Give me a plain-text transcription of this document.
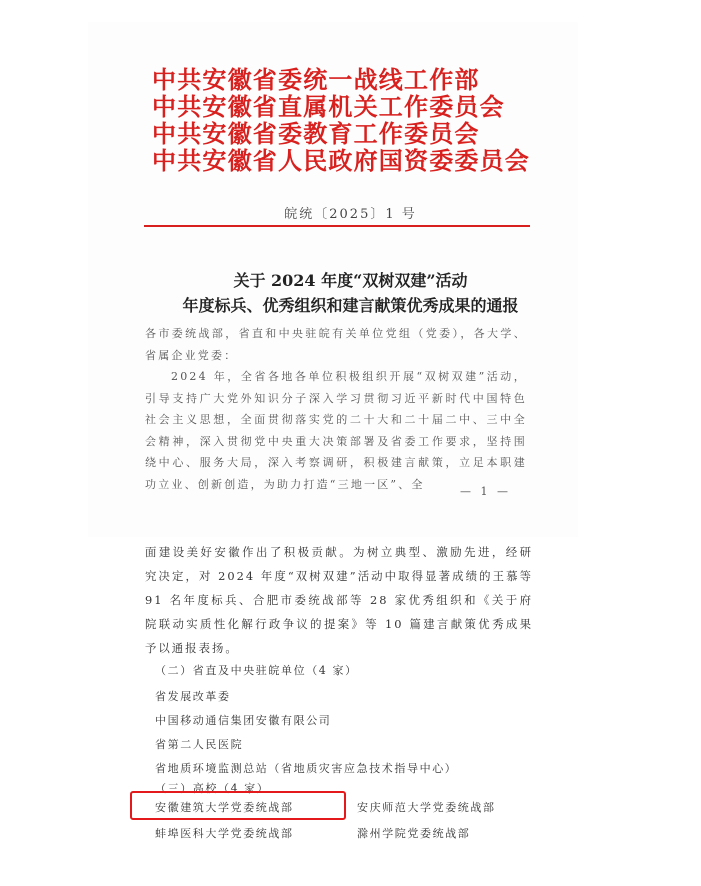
中共安徽省委统一战线工作部
中共安徽省直属机关工作委员会
中共安徽省委教育工作委员会
中共安徽省人民政府国资委委员会
皖统〔2025〕1 号
关于 2024 年度“双树双建”活动
年度标兵、优秀组织和建言献策优秀成果的通报
各市委统战部，省直和中央驻皖有关单位党组（党委），各大学、省属企业党委：
2024 年，全省各地各单位积极组织开展“双树双建”活动，引导支持广大党外知识分子深入学习贯彻习近平新时代中国特色社会主义思想，全面贯彻落实党的二十大和二十届二中、三中全会精神，深入贯彻党中央重大决策部署及省委工作要求，坚持围绕中心、服务大局，深入考察调研，积极建言献策，立足本职建功立业、创新创造，为助力打造“三地一区”、全
— 1 —
面建设美好安徽作出了积极贡献。为树立典型、激励先进，经研究决定，对 2024 年度“双树双建”活动中取得显著成绩的王慕等 91 名年度标兵、合肥市委统战部等 28 家优秀组织和《关于府院联动实质性化解行政争议的提案》等 10 篇建言献策优秀成果予以通报表扬。
（二）省直及中央驻皖单位（4 家）
省发展改革委
中国移动通信集团安徽有限公司
省第二人民医院
省地质环境监测总站（省地质灾害应急技术指导中心）
（三）高校（4 家）
安徽建筑大学党委统战部	安庆师范大学党委统战部
蚌埠医科大学党委统战部	滁州学院党委统战部
